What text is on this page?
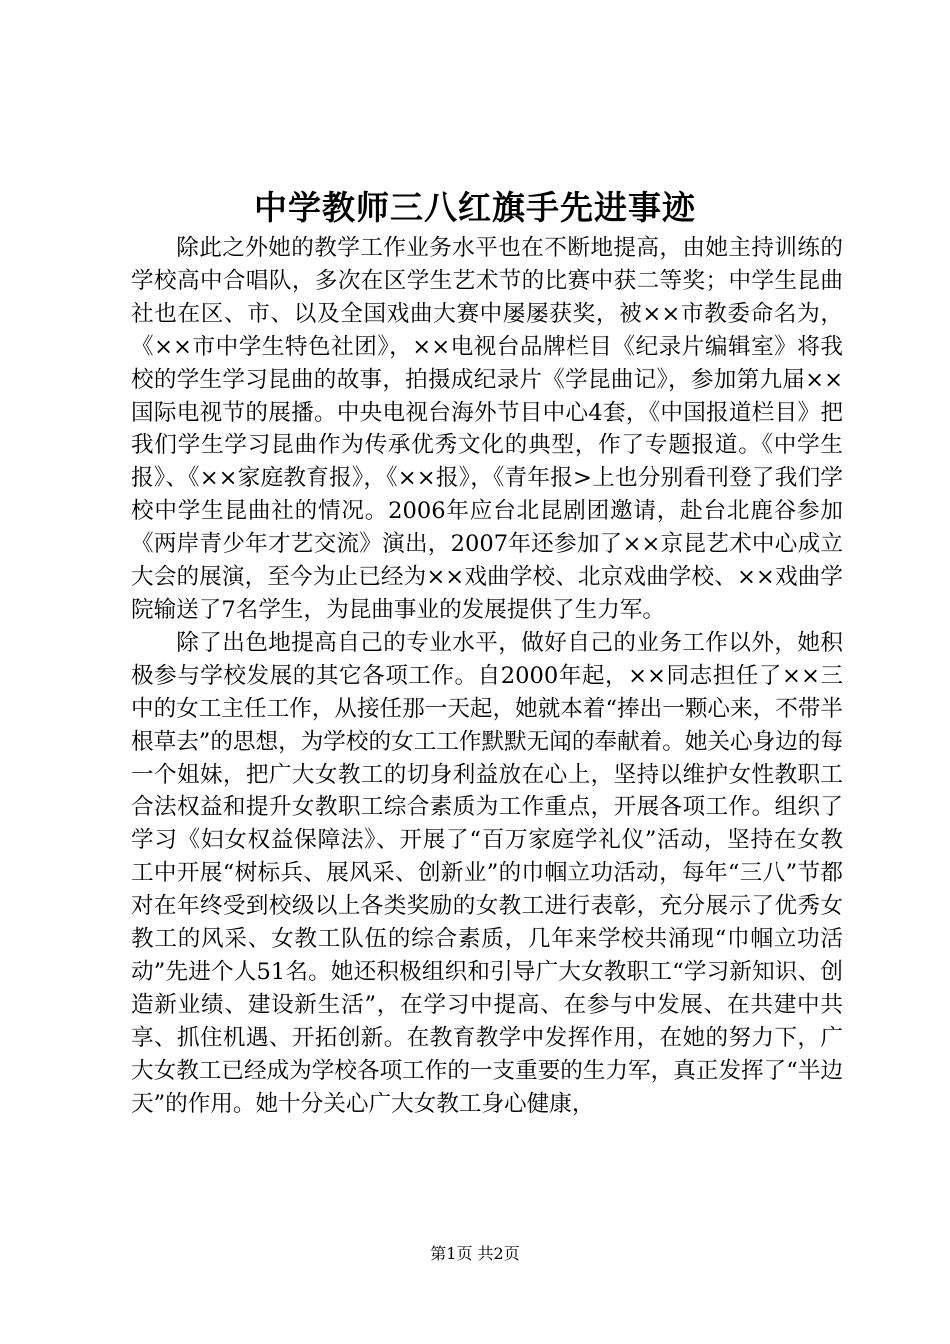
中学教师三八红旗手先进事迹

除此之外她的教学工作业务水平也在不断地提高，由她主持训练的学校高中合唱队，多次在区学生艺术节的比赛中获二等奖；中学生昆曲社也在区、市、以及全国戏曲大赛中屡屡获奖，被××市教委命名为，《××市中学生特色社团》，××电视台品牌栏目《纪录片编辑室》将我校的学生学习昆曲的故事，拍摄成纪录片《学昆曲记》，参加第九届××国际电视节的展播。中央电视台海外节目中心4套，《中国报道栏目》把我们学生学习昆曲作为传承优秀文化的典型，作了专题报道。《中学生报》、《××家庭教育报》，《××报》，《青年报>上也分别看刊登了我们学校中学生昆曲社的情况。2006年应台北昆剧团邀请，赴台北鹿谷参加《两岸青少年才艺交流》演出，2007年还参加了××京昆艺术中心成立大会的展演，至今为止已经为××戏曲学校、北京戏曲学校、××戏曲学院输送了7名学生，为昆曲事业的发展提供了生力军。

除了出色地提高自己的专业水平，做好自己的业务工作以外，她积极参与学校发展的其它各项工作。自2000年起，××同志担任了××三中的女工主任工作，从接任那一天起，她就本着“捧出一颗心来，不带半根草去”的思想，为学校的女工工作默默无闻的奉献着。她关心身边的每一个姐妹，把广大女教工的切身利益放在心上，坚持以维护女性教职工合法权益和提升女教职工综合素质为工作重点，开展各项工作。组织了学习《妇女权益保障法》、开展了“百万家庭学礼仪”活动，坚持在女教工中开展“树标兵、展风采、创新业”的巾帼立功活动，每年“三八”节都对在年终受到校级以上各类奖励的女教工进行表彰，充分展示了优秀女教工的风采、女教工队伍的综合素质，几年来学校共涌现“巾帼立功活动”先进个人51名。她还积极组织和引导广大女教职工“学习新知识、创造新业绩、建设新生活”，在学习中提高、在参与中发展、在共建中共享、抓住机遇、开拓创新。在教育教学中发挥作用，在她的努力下，广大女教工已经成为学校各项工作的一支重要的生力军，真正发挥了“半边天”的作用。她十分关心广大女教工身心健康，

第1页 共2页
